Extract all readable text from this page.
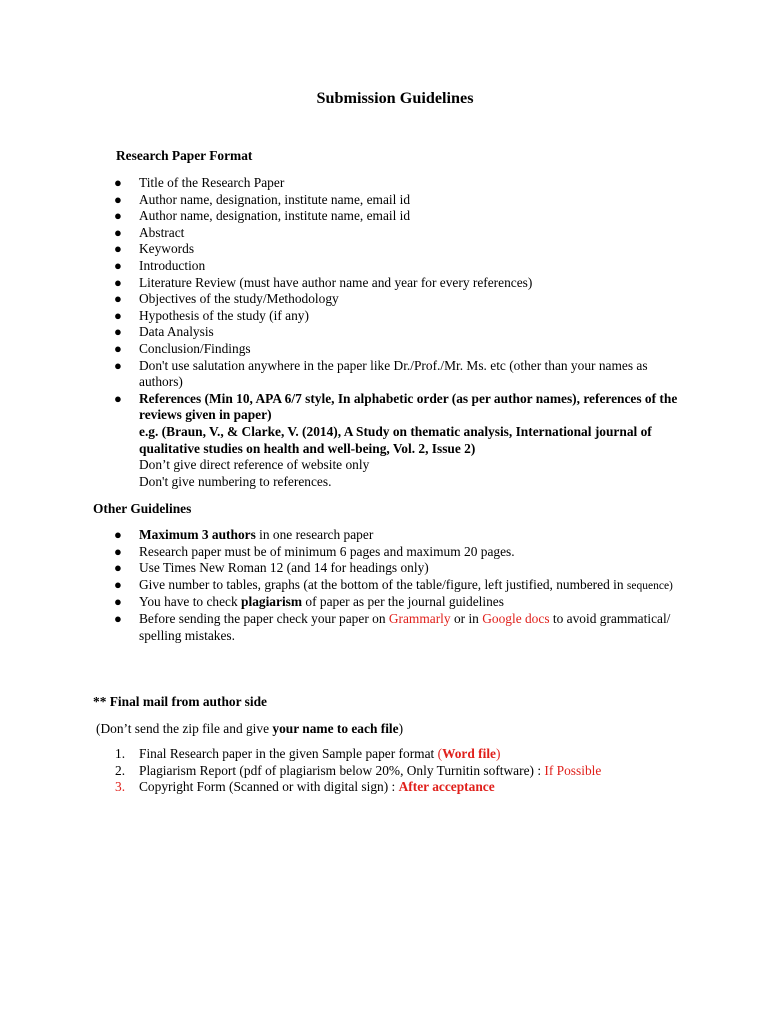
Submission Guidelines
Research Paper Format
● Title of the Research Paper
● Author name, designation, institute name, email id
● Author name, designation, institute name, email id
● Abstract
● Keywords
● Introduction
● Literature Review (must have author name and year for every references)
● Objectives of the study/Methodology
● Hypothesis of the study (if any)
● Data Analysis
● Conclusion/Findings
● Don't use salutation anywhere in the paper like Dr./Prof./Mr. Ms. etc (other than your names as authors)
● References (Min 10, APA 6/7 style, In alphabetic order (as per author names), references of the reviews given in paper)
e.g. (Braun, V., & Clarke, V. (2014), A Study on thematic analysis, International journal of qualitative studies on health and well-being, Vol. 2, Issue 2)
Don’t give direct reference of website only
Don't give numbering to references.
Other Guidelines
● Maximum 3 authors in one research paper
● Research paper must be of minimum 6 pages and maximum 20 pages.
● Use Times New Roman 12 (and 14 for headings only)
● Give number to tables, graphs (at the bottom of the table/figure, left justified, numbered in sequence)
● You have to check plagiarism of paper as per the journal guidelines
● Before sending the paper check your paper on Grammarly or in Google docs to avoid grammatical/ spelling mistakes.
** Final mail from author side
(Don’t send the zip file and give your name to each file)
1. Final Research paper in the given Sample paper format (Word file)
2. Plagiarism Report (pdf of plagiarism below 20%, Only Turnitin software) : If Possible
3. Copyright Form (Scanned or with digital sign) : After acceptance
